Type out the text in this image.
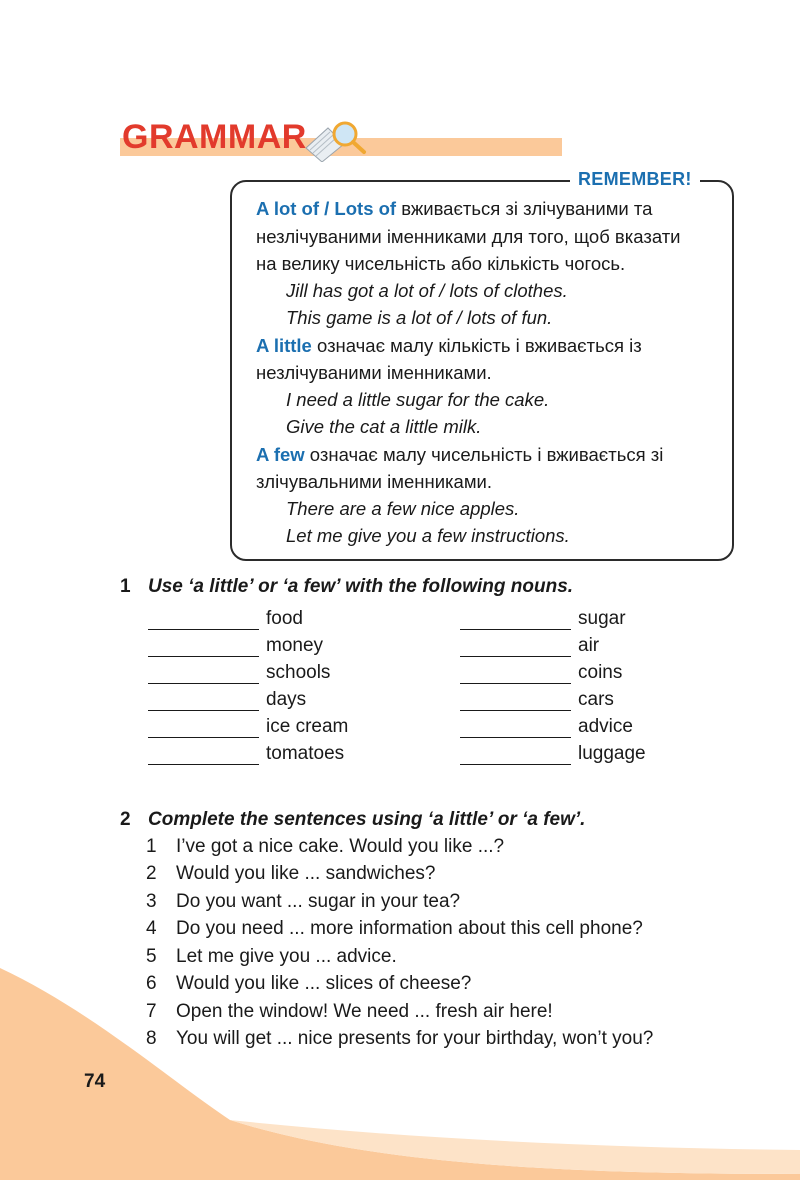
GRAMMAR
REMEMBER!
A lot of / Lots of вживається зі злічуваними та
незлічуваними іменниками для того, щоб вказати
на велику чисельність або кількість чогось.
Jill has got a lot of / lots of clothes.
This game is a lot of / lots of fun.
A little означає малу кількість і вживається із
незлічуваними іменниками.
I need a little sugar for the cake.
Give the cat a little milk.
A few означає малу чисельність і вживається зі
злічувальними іменниками.
There are a few nice apples.
Let me give you a few instructions.
1 Use ‘a little’ or ‘a few’ with the following nouns.
food
money
schools
days
ice cream
tomatoes
sugar
air
coins
cars
advice
luggage
2 Complete the sentences using ‘a little’ or ‘a few’.
1 I’ve got a nice cake. Would you like ...?
2 Would you like ... sandwiches?
3 Do you want ... sugar in your tea?
4 Do you need ... more information about this cell phone?
5 Let me give you ... advice.
6 Would you like ... slices of cheese?
7 Open the window! We need ... fresh air here!
8 You will get ... nice presents for your birthday, won’t you?
74
